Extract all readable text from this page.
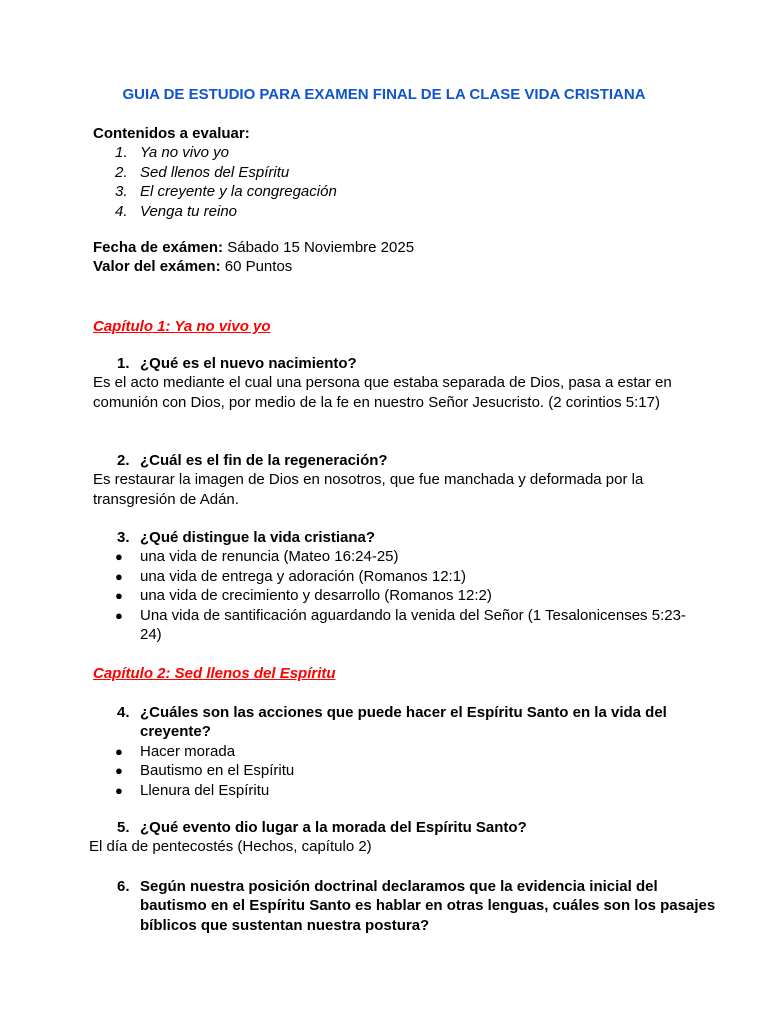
GUIA DE ESTUDIO PARA EXAMEN FINAL DE LA CLASE VIDA CRISTIANA
Contenidos a evaluar:
1. Ya no vivo yo
2. Sed llenos del Espíritu
3. El creyente y la congregación
4. Venga tu reino
Fecha de exámen: Sábado 15 Noviembre 2025
Valor del exámen: 60 Puntos
Capítulo 1: Ya no vivo yo
1. ¿Qué es el nuevo nacimiento?
Es el acto mediante el cual una persona que estaba separada de Dios, pasa a estar en comunión con Dios, por medio de la fe en nuestro Señor Jesucristo. (2 corintios 5:17)
2. ¿Cuál es el fin de la regeneración?
Es restaurar la imagen de Dios en nosotros, que fue manchada y deformada por la transgresión de Adán.
3. ¿Qué distingue la vida cristiana?
● una vida de renuncia (Mateo 16:24-25)
● una vida de entrega y adoración (Romanos 12:1)
● una vida de crecimiento y desarrollo (Romanos 12:2)
● Una vida de santificación aguardando la venida del Señor (1 Tesalonicenses 5:23-24)
Capítulo 2: Sed llenos del Espíritu
4. ¿Cuáles son las acciones que puede hacer el Espíritu Santo en la vida del creyente?
● Hacer morada
● Bautismo en el Espíritu
● Llenura del Espíritu
5. ¿Qué evento dio lugar a la morada del Espíritu Santo?
El día de pentecostés (Hechos, capítulo 2)
6. Según nuestra posición doctrinal declaramos que la evidencia inicial del bautismo en el Espíritu Santo es hablar en otras lenguas, cuáles son los pasajes bíblicos que sustentan nuestra postura?
